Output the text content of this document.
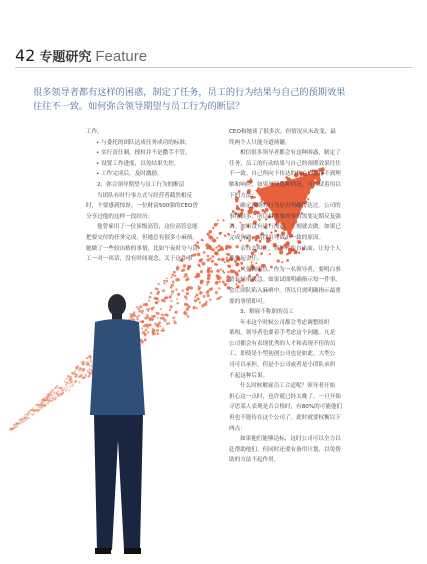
42 专题研究 Feature

很多领导者都有这样的困惑，制定了任务，员工的行为结果与自己的预期效果

往往不一致。如何弥合领导期望与员工行为的断层？

工作。

• 与委托的团队达成任务成功的标准。

• 实行责任制，授权并不是撒手不管。

• 设置工作进度，以免结果失控。

• 工作完成后，及时激励。

2、弥合领导期望与员工行为的断层

当团队有时行事方式与经营者截然相反

时，不要感到惊讶。一位财富500强的CEO曾

分享过他的这样一段经历：

他曾雇用了一位顶级高管，这位高管总能

把要交付的任务完成，但她总有很多小麻烦。

她做了一些较出格的事情，比如午夜时分与员

工一对一谈话，没有时间观念。关于这件事

CEO和她谈了很多次，但情况从未改变，最

终两个人只能分道扬镳。

相信很多领导者都会有这种困惑，制定了

任务，员工的行动结果与自己的预期效果往往

不一致。自己所向下传达的核心信息得不到理

解和响应。如果出现这种情况，可以试着用以

下的方法：

确定预期的行为是否明确传达过。公司的

事情很多，所以最重要的事情需要定期反复强

调。如果没有进行沟通，立刻就去做。如果已

完成沟通，请找出导致不一致的原因。

亲自去纠正。领导者亲自出面，让每个人

都负起责任。

只强调重点。作为一名领导者，要明白事

情有轻重缓急。如果试图明确指示每一件事，

会让团队陷入麻痹中。所以只需明确指示最重

要的事情即可。

3、解雇不称职的员工

年末这个时候公司都会考虑调整组织

架构，领导者也要着手考虑这个问题。凡是

公司都会有表现优秀的人才和表现不佳的员

工，即使是小型初创公司也是如此。大型公

司可以承担，但是小公司或者是小团队承担

不起这种后果。

什么时候解雇员工合适呢？领导者开始

担心这一点时，也许就已经太晚了。一旦开始

寻思某人表现是否合格时，有80%的可能他们

再也不能待在这个公司了。此时就要权衡以下

两点：

如果他们能够达标，这时公司可以全力以

赴帮助他们，但同时还要有备用计划，以免帮

助的方法不起作用。
